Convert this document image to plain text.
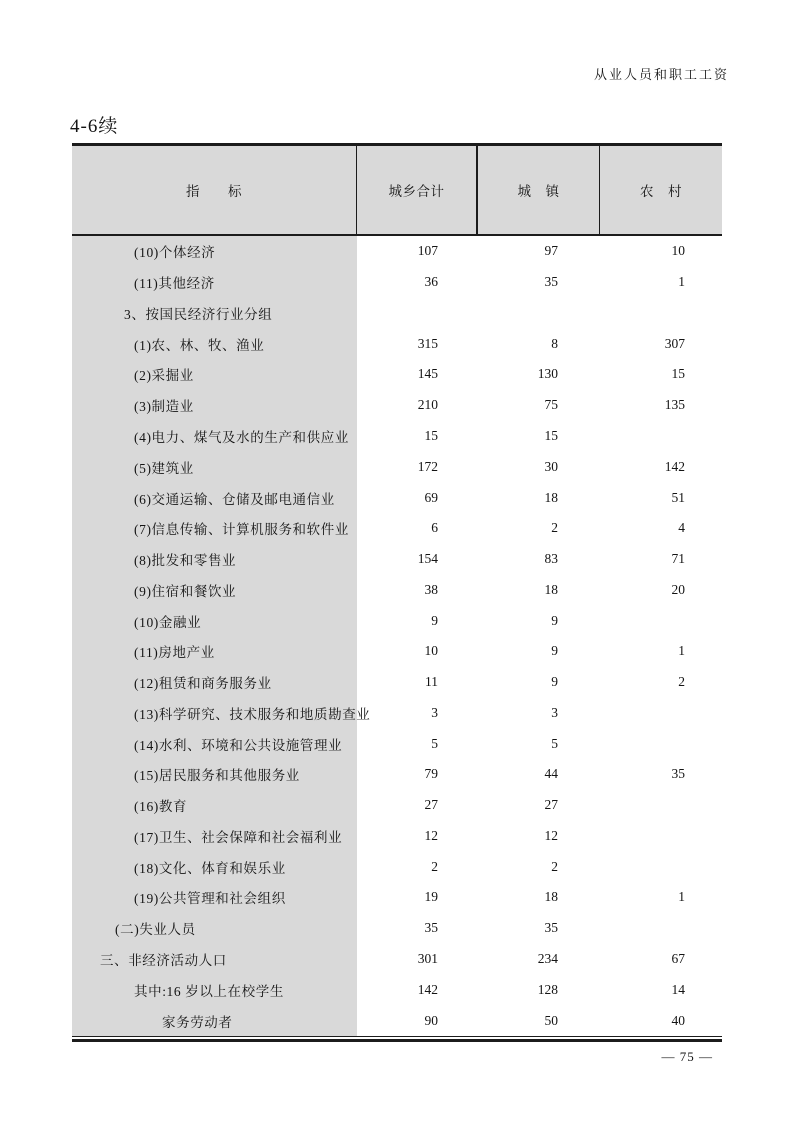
从业人员和职工工资
4-6续
指　　标	城乡合计	城　镇	农　村
(10)个体经济	107	97	10
(11)其他经济	36	35	1
3、按国民经济行业分组
(1)农、林、牧、渔业	315	8	307
(2)采掘业	145	130	15
(3)制造业	210	75	135
(4)电力、煤气及水的生产和供应业	15	15
(5)建筑业	172	30	142
(6)交通运输、仓储及邮电通信业	69	18	51
(7)信息传输、计算机服务和软件业	6	2	4
(8)批发和零售业	154	83	71
(9)住宿和餐饮业	38	18	20
(10)金融业	9	9
(11)房地产业	10	9	1
(12)租赁和商务服务业	11	9	2
(13)科学研究、技术服务和地质勘查业	3	3
(14)水利、环境和公共设施管理业	5	5
(15)居民服务和其他服务业	79	44	35
(16)教育	27	27
(17)卫生、社会保障和社会福利业	12	12
(18)文化、体育和娱乐业	2	2
(19)公共管理和社会组织	19	18	1
(二)失业人员	35	35
三、非经济活动人口	301	234	67
其中:16 岁以上在校学生	142	128	14
家务劳动者	90	50	40
— 75 —
